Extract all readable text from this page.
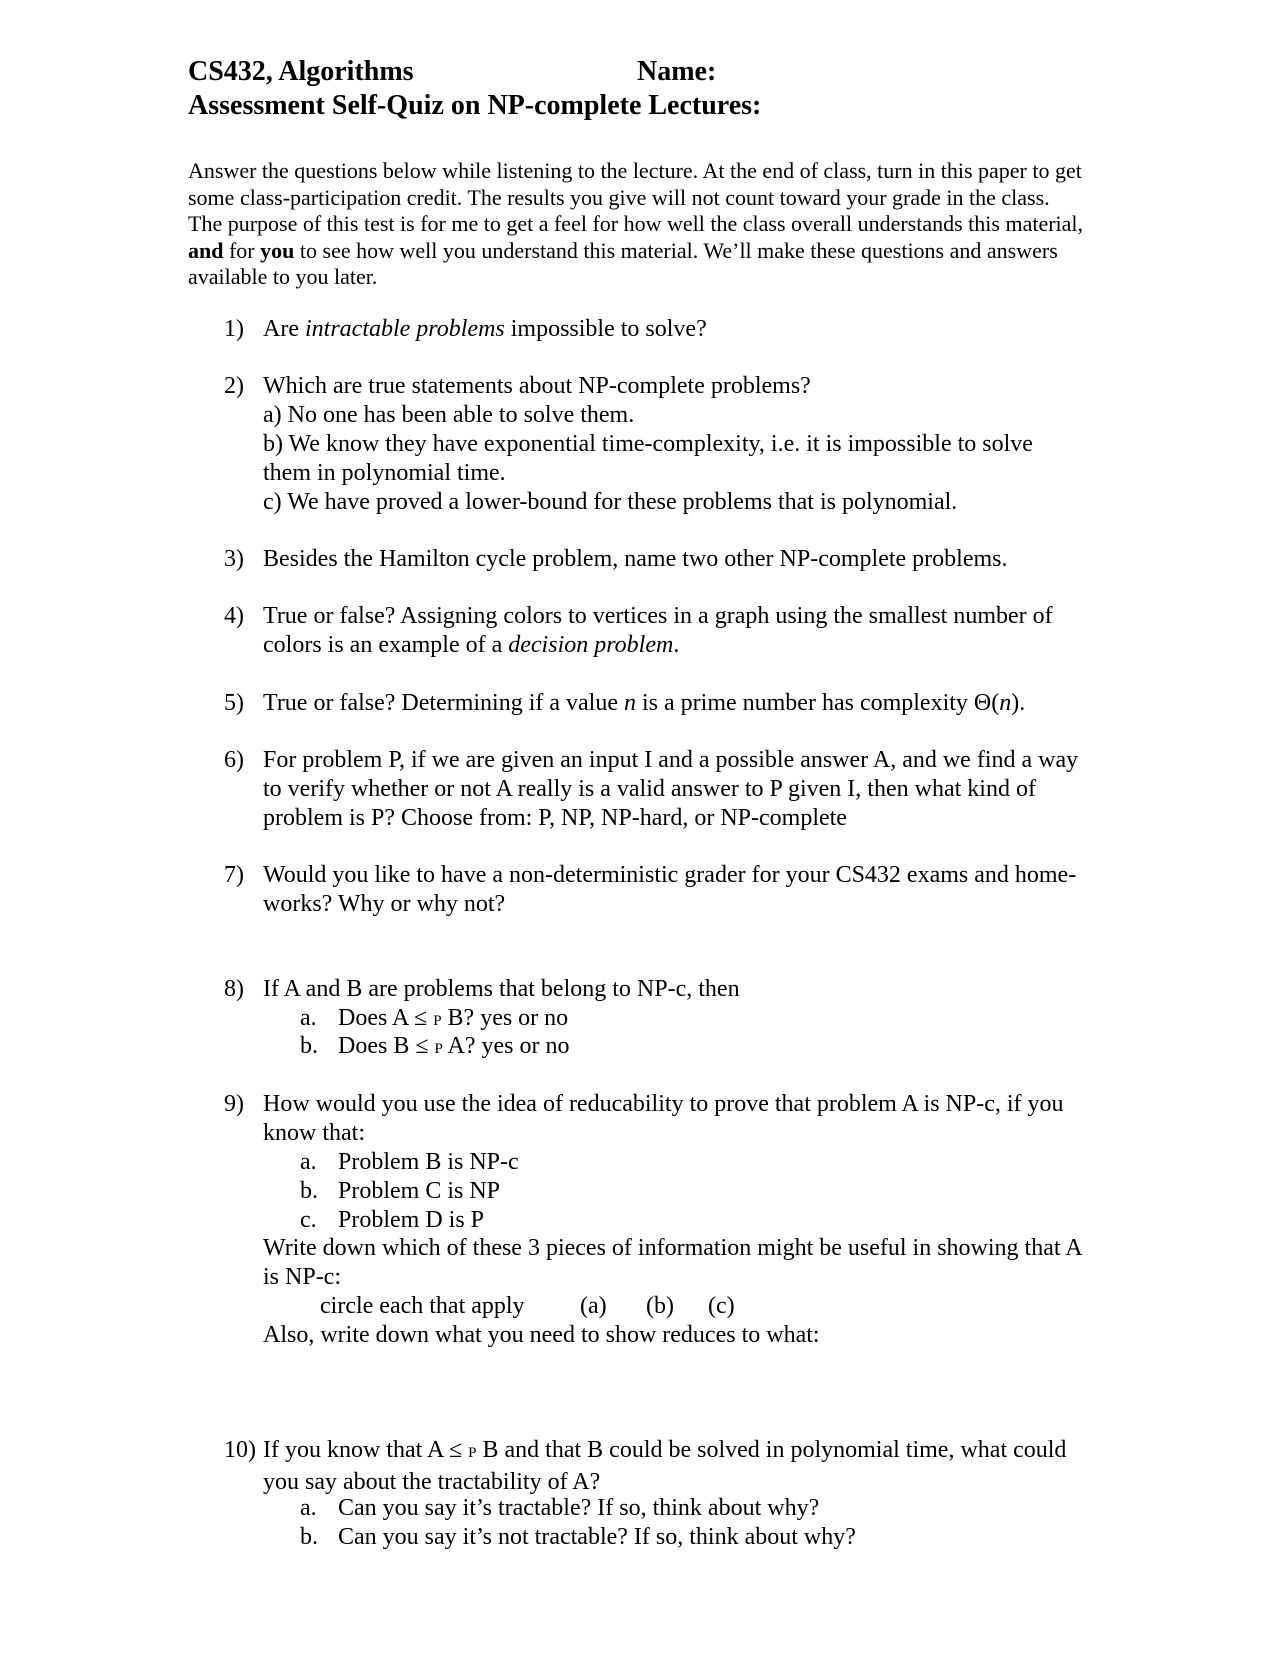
CS432, Algorithms	Name:
Assessment Self-Quiz on NP-complete Lectures:
Answer the questions below while listening to the lecture. At the end of class, turn in this paper to get some class-participation credit. The results you give will not count toward your grade in the class. The purpose of this test is for me to get a feel for how well the class overall understands this material, and for you to see how well you understand this material. We’ll make these questions and answers available to you later.
1) Are intractable problems impossible to solve?
2) Which are true statements about NP-complete problems?
a) No one has been able to solve them.
b) We know they have exponential time-complexity, i.e. it is impossible to solve them in polynomial time.
c) We have proved a lower-bound for these problems that is polynomial.
3) Besides the Hamilton cycle problem, name two other NP-complete problems.
4) True or false? Assigning colors to vertices in a graph using the smallest number of colors is an example of a decision problem.
5) True or false? Determining if a value n is a prime number has complexity Θ(n).
6) For problem P, if we are given an input I and a possible answer A, and we find a way to verify whether or not A really is a valid answer to P given I, then what kind of problem is P? Choose from: P, NP, NP-hard, or NP-complete
7) Would you like to have a non-deterministic grader for your CS432 exams and home-works? Why or why not?
8) If A and B are problems that belong to NP-c, then
a. Does A ≤ P B? yes or no
b. Does B ≤ P A? yes or no
9) How would you use the idea of reducability to prove that problem A is NP-c, if you know that:
a. Problem B is NP-c
b. Problem C is NP
c. Problem D is P
Write down which of these 3 pieces of information might be useful in showing that A is NP-c:
circle each that apply (a) (b) (c)
Also, write down what you need to show reduces to what:
10) If you know that A ≤ P B and that B could be solved in polynomial time, what could you say about the tractability of A?
a. Can you say it’s tractable? If so, think about why?
b. Can you say it’s not tractable? If so, think about why?
